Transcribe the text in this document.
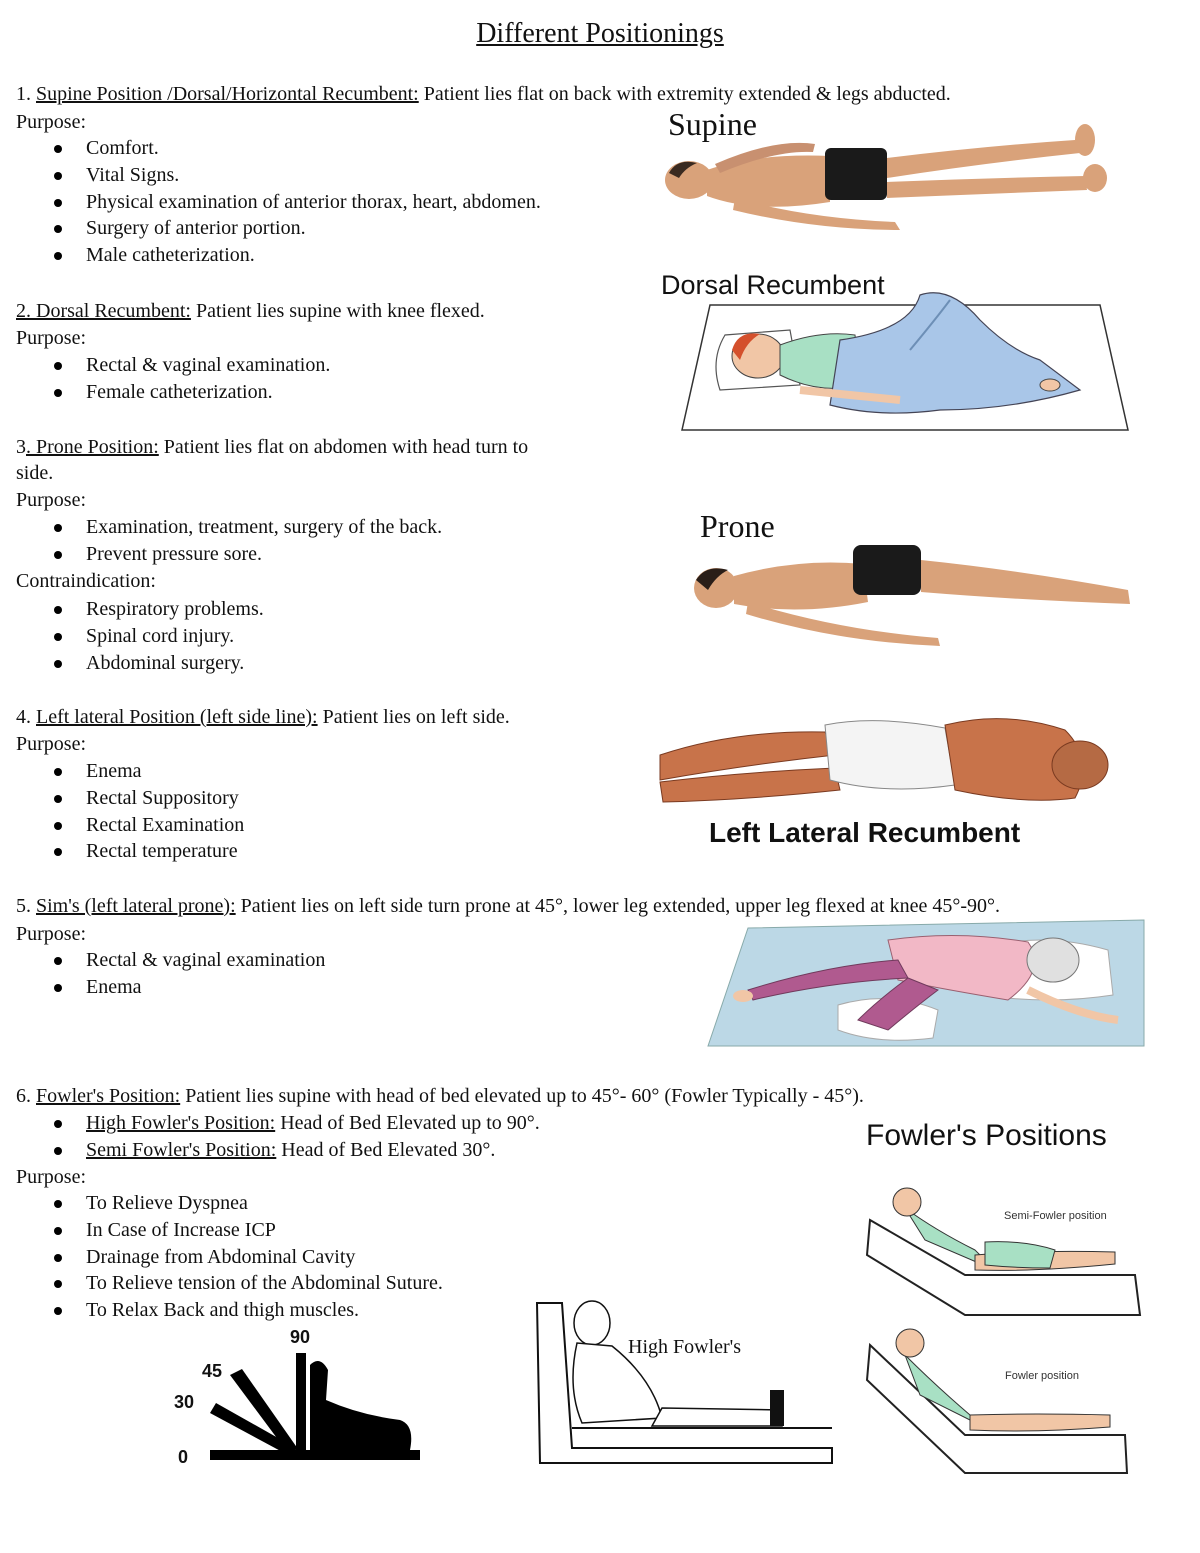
Different Positionings
1. Supine Position /Dorsal/Horizontal Recumbent: Patient lies flat on back with extremity extended & legs abducted.
Purpose:
Comfort.
Vital Signs.
Physical examination of anterior thorax, heart, abdomen.
Surgery of anterior portion.
Male catheterization.
2. Dorsal Recumbent: Patient lies supine with knee flexed.
Purpose:
Rectal & vaginal examination.
Female catheterization.
3. Prone Position: Patient lies flat on abdomen with head turn to
side.
Purpose:
Examination, treatment, surgery of the back.
Prevent pressure sore.
Contraindication:
Respiratory problems.
Spinal cord injury.
Abdominal surgery.
4. Left lateral Position (left side line): Patient lies on left side.
Purpose:
Enema
Rectal Suppository
Rectal Examination
Rectal temperature
5. Sim's (left lateral prone): Patient lies on left side turn prone at 45°, lower leg extended, upper leg flexed at knee 45°-90°.
Purpose:
Rectal & vaginal examination
Enema
6. Fowler's Position: Patient lies supine with head of bed elevated up to 45°- 60° (Fowler Typically - 45°).
High Fowler's Position: Head of Bed Elevated up to 90°.
Semi Fowler's Position: Head of Bed Elevated 30°.
Purpose:
To Relieve Dyspnea
In Case of Increase ICP
Drainage from Abdominal Cavity
To Relieve tension of the Abdominal Suture.
To Relax Back and thigh muscles.
Supine
Dorsal Recumbent
Prone
Left Lateral Recumbent
Fowler's Positions
Semi-Fowler position
Fowler position
High Fowler's
90
45
30
0
